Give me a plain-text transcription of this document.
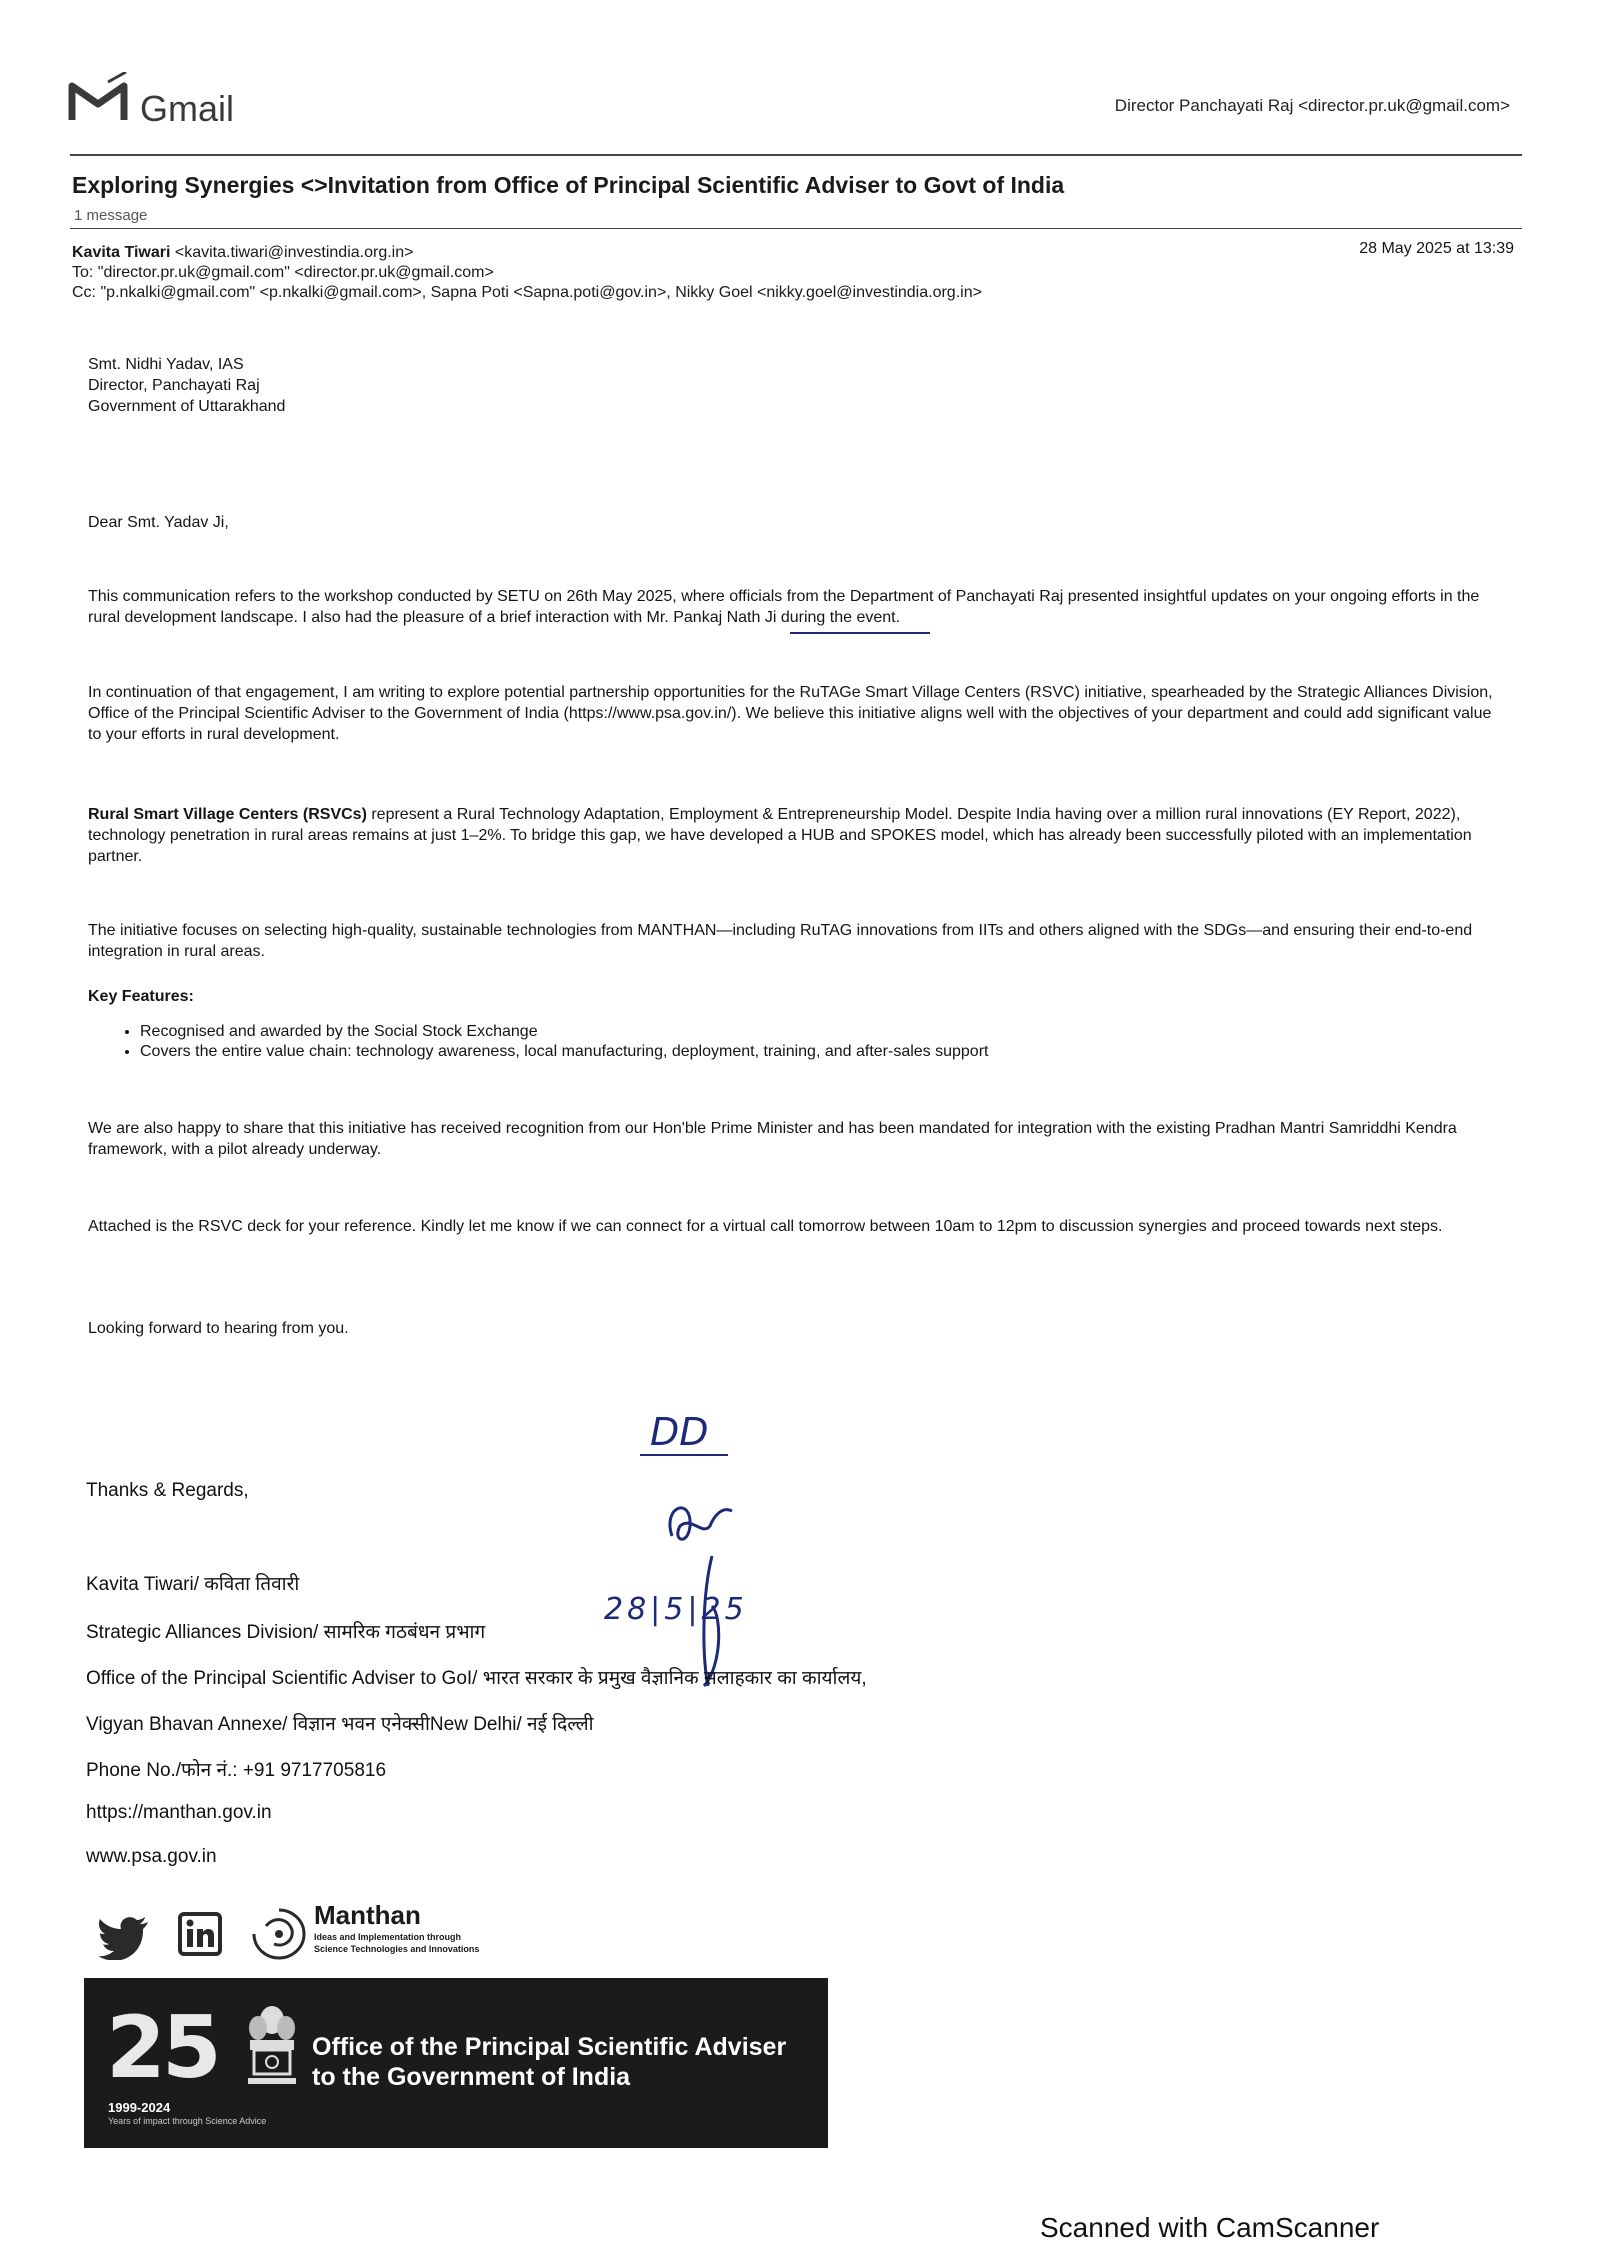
Gmail	Director Panchayati Raj <director.pr.uk@gmail.com>
Exploring Synergies <>Invitation from Office of Principal Scientific Adviser to Govt of India
1 message
Kavita Tiwari <kavita.tiwari@investindia.org.in>	28 May 2025 at 13:39
To: "director.pr.uk@gmail.com" <director.pr.uk@gmail.com>
Cc: "p.nkalki@gmail.com" <p.nkalki@gmail.com>, Sapna Poti <Sapna.poti@gov.in>, Nikky Goel <nikky.goel@investindia.org.in>
Smt. Nidhi Yadav, IAS
Director, Panchayati Raj
Government of Uttarakhand
Dear Smt. Yadav Ji,
This communication refers to the workshop conducted by SETU on 26th May 2025, where officials from the Department of Panchayati Raj presented insightful updates on your ongoing efforts in the rural development landscape. I also had the pleasure of a brief interaction with Mr. Pankaj Nath Ji during the event.
In continuation of that engagement, I am writing to explore potential partnership opportunities for the RuTAGe Smart Village Centers (RSVC) initiative, spearheaded by the Strategic Alliances Division, Office of the Principal Scientific Adviser to the Government of India (https://www.psa.gov.in/). We believe this initiative aligns well with the objectives of your department and could add significant value to your efforts in rural development.
Rural Smart Village Centers (RSVCs) represent a Rural Technology Adaptation, Employment & Entrepreneurship Model. Despite India having over a million rural innovations (EY Report, 2022), technology penetration in rural areas remains at just 1–2%. To bridge this gap, we have developed a HUB and SPOKES model, which has already been successfully piloted with an implementation partner.
The initiative focuses on selecting high-quality, sustainable technologies from MANTHAN—including RuTAG innovations from IITs and others aligned with the SDGs—and ensuring their end-to-end integration in rural areas.
Key Features:
• Recognised and awarded by the Social Stock Exchange
• Covers the entire value chain: technology awareness, local manufacturing, deployment, training, and after-sales support
We are also happy to share that this initiative has received recognition from our Hon'ble Prime Minister and has been mandated for integration with the existing Pradhan Mantri Samriddhi Kendra framework, with a pilot already underway.
Attached is the RSVC deck for your reference. Kindly let me know if we can connect for a virtual call tomorrow between 10am to 12pm to discussion synergies and proceed towards next steps.
Looking forward to hearing from you.
DD
28|5|25
Thanks & Regards,
Kavita Tiwari/ कविता तिवारी
Strategic Alliances Division/ सामरिक गठबंधन प्रभाग
Office of the Principal Scientific Adviser to GoI/ भारत सरकार के प्रमुख वैज्ञानिक सलाहकार का कार्यालय,
Vigyan Bhavan Annexe/ विज्ञान भवन एनेक्सीNew Delhi/ नई दिल्ली
Phone No./फोन नं.: +91 9717705816
https://manthan.gov.in
www.psa.gov.in
Manthan
Ideas and Implementation through
Science Technologies and Innovations
25
1999-2024
Years of impact through Science Advice
Office of the Principal Scientific Adviser
to the Government of India
Scanned with CamScanner
